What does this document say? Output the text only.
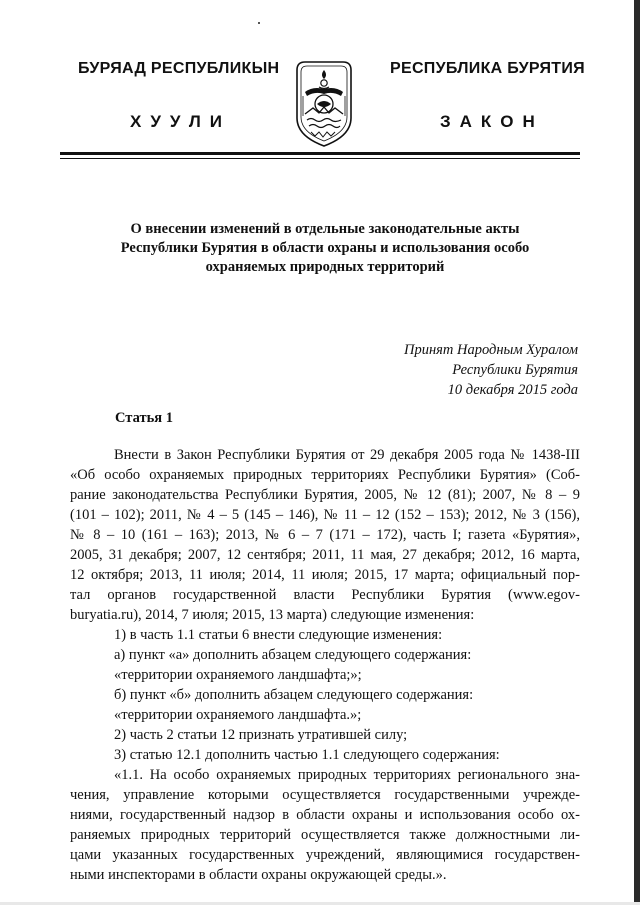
БУРЯАД РЕСПУБЛИКЫН	РЕСПУБЛИКА БУРЯТИЯ
ХУУЛИ	ЗАКОН
О внесении изменений в отдельные законодательные акты
Республики Бурятия в области охраны и использования особо
охраняемых природных территорий
Принят Народным Хуралом
Республики Бурятия
10 декабря 2015 года
Статья 1
Внести в Закон Республики Бурятия от 29 декабря 2005 года № 1438-III
«Об особо охраняемых природных территориях Республики Бурятия» (Соб-
рание законодательства Республики Бурятия, 2005, № 12 (81); 2007, № 8 – 9
(101 – 102); 2011, № 4 – 5 (145 – 146), № 11 – 12 (152 – 153); 2012, № 3 (156),
№ 8 – 10 (161 – 163); 2013, № 6 – 7 (171 – 172), часть I; газета «Бурятия»,
2005, 31 декабря; 2007, 12 сентября; 2011, 11 мая, 27 декабря; 2012, 16 марта,
12 октября; 2013, 11 июля; 2014, 11 июля; 2015, 17 марта; официальный пор-
тал органов государственной власти Республики Бурятия (www.egov-
buryatia.ru), 2014, 7 июля; 2015, 13 марта) следующие изменения:
1) в часть 1.1 статьи 6 внести следующие изменения:
а) пункт «а» дополнить абзацем следующего содержания:
«территории охраняемого ландшафта;»;
б) пункт «б» дополнить абзацем следующего содержания:
«территории охраняемого ландшафта.»;
2) часть 2 статьи 12 признать утратившей силу;
3) статью 12.1 дополнить частью 1.1 следующего содержания:
«1.1. На особо охраняемых природных территориях регионального зна-
чения, управление которыми осуществляется государственными учрежде-
ниями, государственный надзор в области охраны и использования особо ох-
раняемых природных территорий осуществляется также должностными ли-
цами указанных государственных учреждений, являющимися государствен-
ными инспекторами в области охраны окружающей среды.».
